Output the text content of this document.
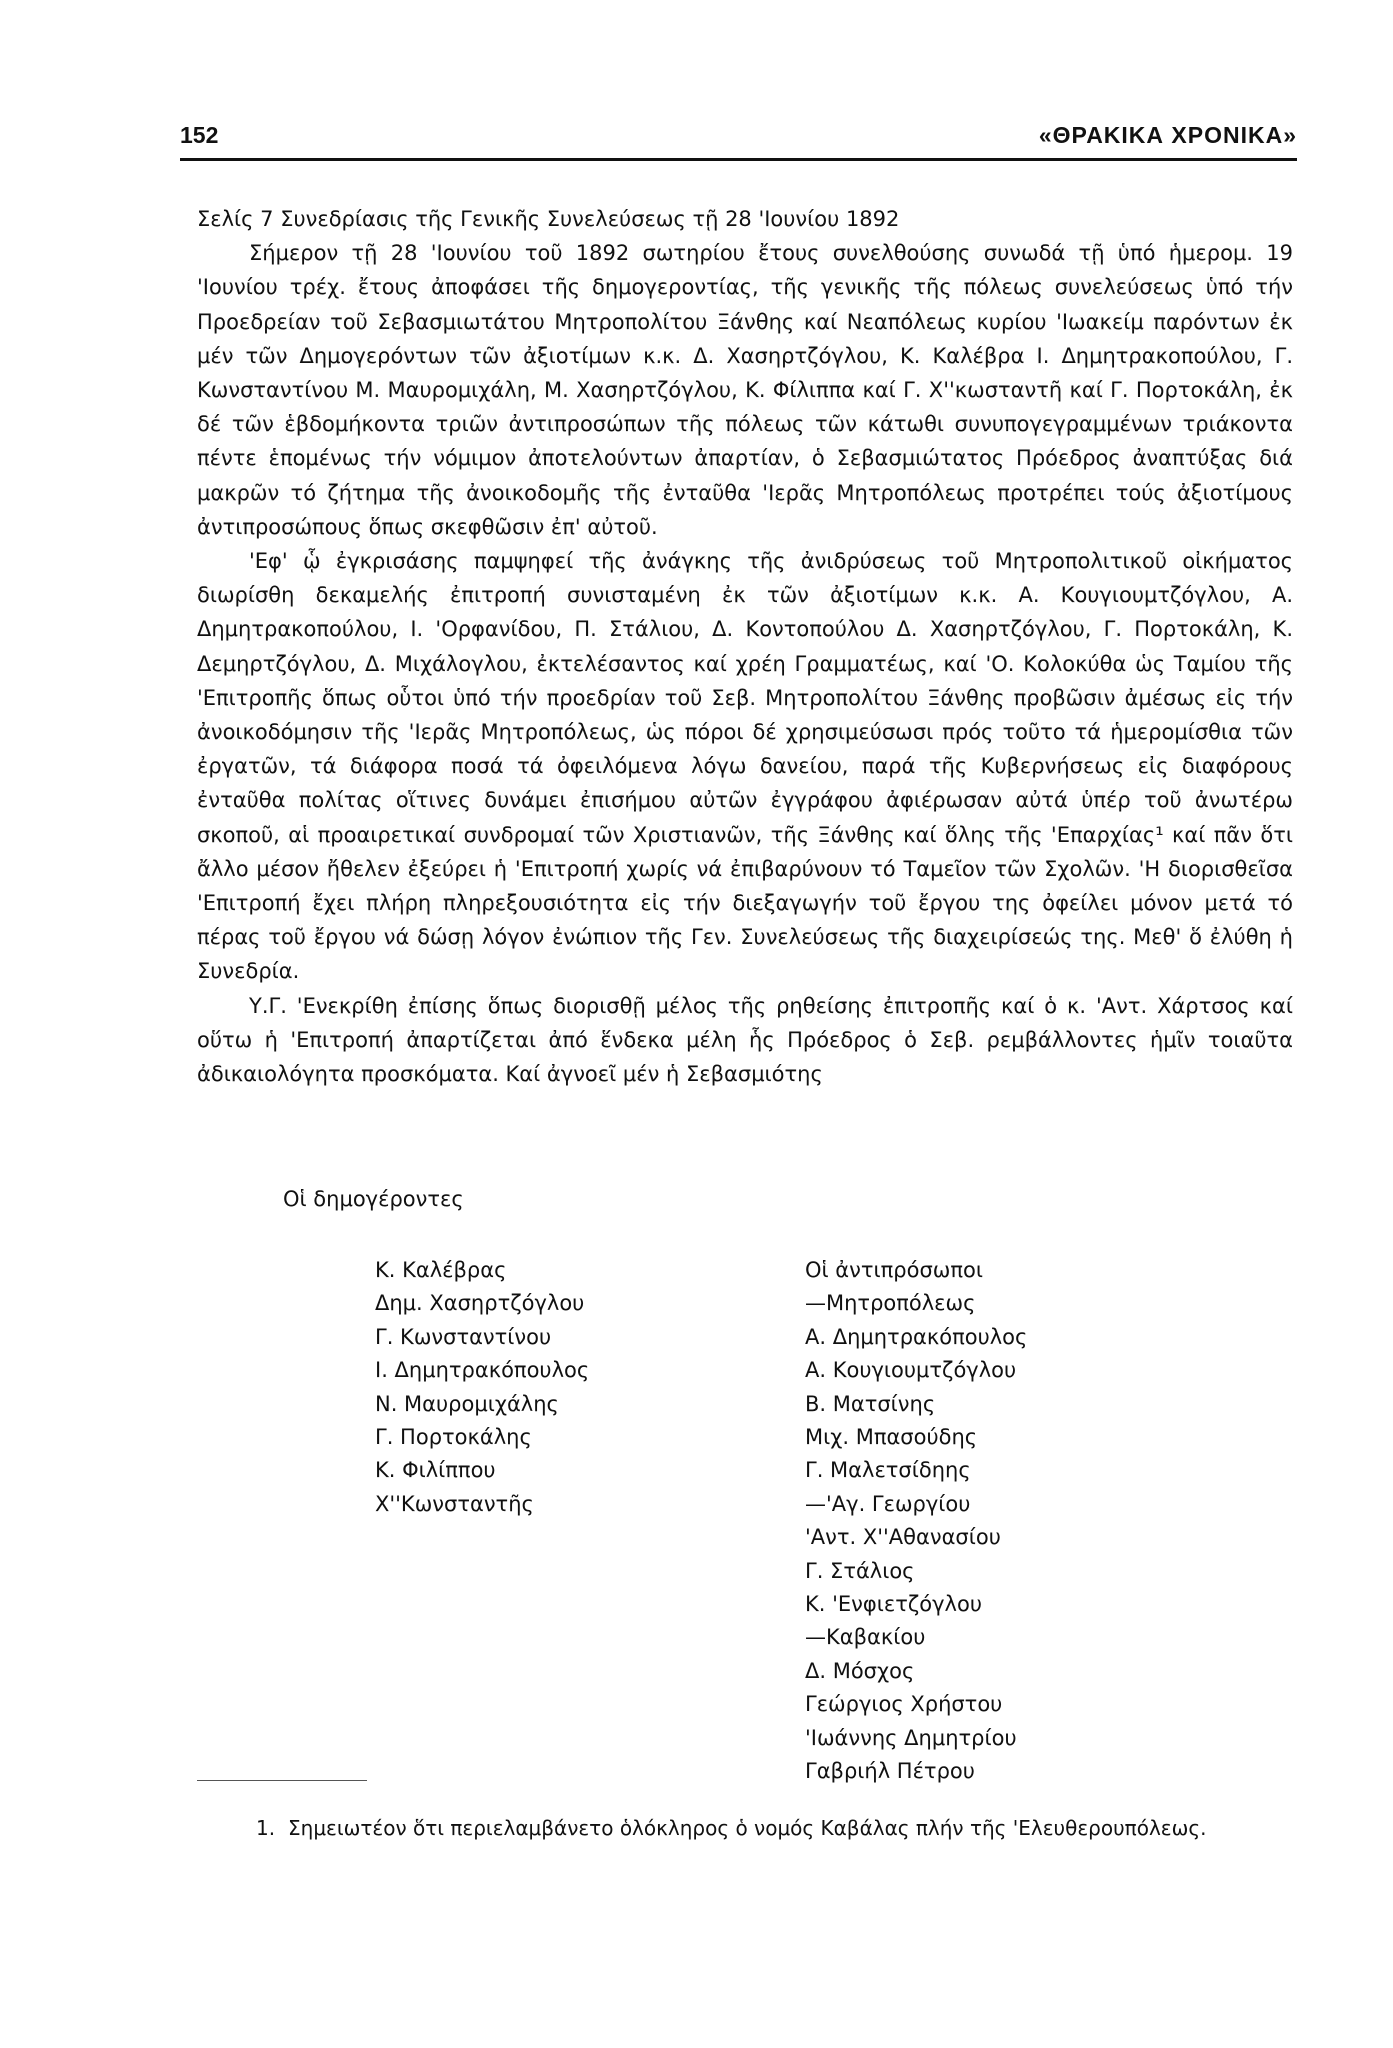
152	«ΘΡΑΚΙΚΑ ΧΡΟΝΙΚΑ»

Σελίς 7 Συνεδρίασις τῆς Γενικῆς Συνελεύσεως τῇ 28 'Ιουνίου 1892

Σήμερον τῇ 28 'Ιουνίου τοῦ 1892 σωτηρίου ἔτους συνελθούσης συνωδά τῇ ὑπό ἡμερομ. 19 'Ιουνίου τρέχ. ἔτους ἀποφάσει τῆς δημογεροντίας, τῆς γενικῆς τῆς πόλεως συνελεύσεως ὑπό τήν Προεδρείαν τοῦ Σεβασμιωτάτου Μητροπολίτου Ξάνθης καί Νεαπόλεως κυρίου 'Ιωακείμ παρόντων ἐκ μέν τῶν Δημογερόντων τῶν ἀξιοτίμων κ.κ. Δ. Χασηρτζόγλου, Κ. Καλέβρα Ι. Δημητρακοπούλου, Γ. Κωνσταντίνου Μ. Μαυρομιχάλη, Μ. Χασηρτζόγλου, Κ. Φίλιππα καί Γ. Χ''κωσταντῆ καί Γ. Πορτοκάλη, ἐκ δέ τῶν ἑβδομήκοντα τριῶν ἀντιπροσώπων τῆς πόλεως τῶν κάτωθι συνυπογεγραμμένων τριάκοντα πέντε ἑπομένως τήν νόμιμον ἀποτελούντων ἀπαρτίαν, ὁ Σεβασμιώτατος Πρόεδρος ἀναπτύξας διά μακρῶν τό ζήτημα τῆς ἀνοικοδομῆς τῆς ἐνταῦθα 'Ιερᾶς Μητροπόλεως προτρέπει τούς ἀξιοτίμους ἀντιπροσώπους ὅπως σκεφθῶσιν ἐπ' αὐτοῦ.

'Εφ' ᾧ ἐγκρισάσης παμψηφεί τῆς ἀνάγκης τῆς ἀνιδρύσεως τοῦ Μητροπολιτικοῦ οἰκήματος διωρίσθη δεκαμελής ἐπιτροπή συνισταμένη ἐκ τῶν ἀξιοτίμων κ.κ. Α. Κουγιουμτζόγλου, Α. Δημητρακοπούλου, Ι. 'Ορφανίδου, Π. Στάλιου, Δ. Κοντοπούλου Δ. Χασηρτζόγλου, Γ. Πορτοκάλη, Κ. Δεμηρτζόγλου, Δ. Μιχάλογλου, ἐκτελέσαντος καί χρέη Γραμματέως, καί 'Ο. Κολοκύθα ὡς Ταμίου τῆς 'Επιτροπῆς ὅπως οὗτοι ὑπό τήν προεδρίαν τοῦ Σεβ. Μητροπολίτου Ξάνθης προβῶσιν ἀμέσως εἰς τήν ἀνοικοδόμησιν τῆς 'Ιερᾶς Μητροπόλεως, ὡς πόροι δέ χρησιμεύσωσι πρός τοῦτο τά ἡμερομίσθια τῶν ἐργατῶν, τά διάφορα ποσά τά ὀφειλόμενα λόγω δανείου, παρά τῆς Κυβερνήσεως εἰς διαφόρους ἐνταῦθα πολίτας οἵτινες δυνάμει ἐπισήμου αὐτῶν ἐγγράφου ἀφιέρωσαν αὐτά ὑπέρ τοῦ ἀνωτέρω σκοποῦ, αἱ προαιρετικαί συνδρομαί τῶν Χριστιανῶν, τῆς Ξάνθης καί ὅλης τῆς 'Επαρχίας¹ καί πᾶν ὅτι ἄλλο μέσον ἤθελεν ἐξεύρει ἡ 'Επιτροπή χωρίς νά ἐπιβαρύνουν τό Ταμεῖον τῶν Σχολῶν. 'Η διορισθεῖσα 'Επιτροπή ἔχει πλήρη πληρεξουσιότητα εἰς τήν διεξαγωγήν τοῦ ἔργου της ὀφείλει μόνον μετά τό πέρας τοῦ ἔργου νά δώσῃ λόγον ἐνώπιον τῆς Γεν. Συνελεύσεως τῆς διαχειρίσεώς της. Μεθ' ὅ ἐλύθη ἡ Συνεδρία.

Υ.Γ. 'Ενεκρίθη ἐπίσης ὅπως διορισθῇ μέλος τῆς ρηθείσης ἐπιτροπῆς καί ὁ κ. 'Αντ. Χάρτσος καί οὕτω ἡ 'Επιτροπή ἀπαρτίζεται ἀπό ἕνδεκα μέλη ἧς Πρόεδρος ὁ Σεβ. ρεμβάλλοντες ἡμῖν τοιαῦτα ἀδικαιολόγητα προσκόματα. Καί ἀγνοεῖ μέν ἡ Σεβασμιότης

Οἱ δημογέροντες
Κ. Καλέβρας
Δημ. Χασηρτζόγλου
Γ. Κωνσταντίνου
Ι. Δημητρακόπουλος
Ν. Μαυρομιχάλης
Γ. Πορτοκάλης
Κ. Φιλίππου
Χ''Κωνσταντῆς
Οἱ ἀντιπρόσωποι
—Μητροπόλεως
Α. Δημητρακόπουλος
Α. Κουγιουμτζόγλου
Β. Ματσίνης
Μιχ. Μπασούδης
Γ. Μαλετσίδηης
—'Αγ. Γεωργίου
'Αντ. Χ''Αθανασίου
Γ. Στάλιος
Κ. 'Ενφιετζόγλου
—Καβακίου
Δ. Μόσχος
Γεώργιος Χρήστου
'Ιωάννης Δημητρίου
Γαβριήλ Πέτρου
1. Σημειωτέον ὅτι περιελαμβάνετο ὁλόκληρος ὁ νομός Καβάλας πλήν τῆς 'Ελευθερουπόλεως.
